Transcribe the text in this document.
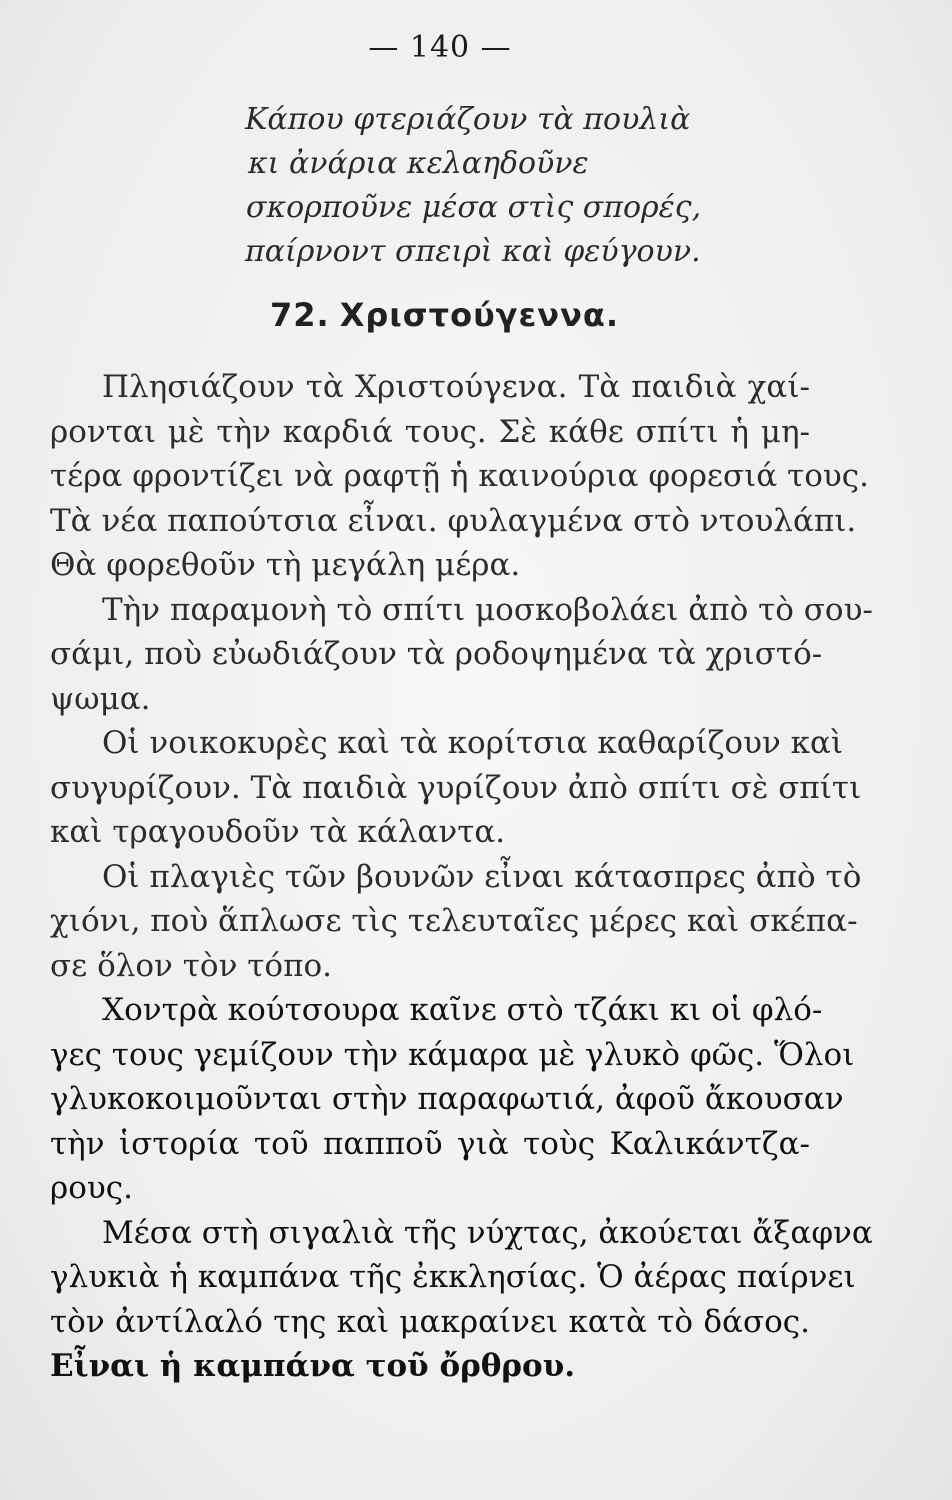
— 140 —
Κάπου φτεριάζουν τὰ πουλιὰ
κι ἀνάρια κελαηδοῦνε
σκορποῦνε μέσα στὶς σπορές,
παίρνοντ σπειρὶ καὶ φεύγουν.
72. Χριστούγεννα.
Πλησιάζουν τὰ Χριστούγενα. Τὰ παιδιὰ χαί-
ρονται μὲ τὴν καρδιά τους. Σὲ κάθε σπίτι ἡ μη-
τέρα φροντίζει νὰ ραφτῇ ἡ καινούρια φορεσιά τους.
Τὰ νέα παπούτσια εἶναι. φυλαγμένα στὸ ντουλάπι.
Θὰ φορεθοῦν τὴ μεγάλη μέρα.
Τὴν παραμονὴ τὸ σπίτι μοσκοβολάει ἀπὸ τὸ σου-
σάμι, ποὺ εὐωδιάζουν τὰ ροδοψημένα τὰ χριστό-
ψωμα.
Οἱ νοικοκυρὲς καὶ τὰ κορίτσια καθαρίζουν καὶ
συγυρίζουν. Τὰ παιδιὰ γυρίζουν ἀπὸ σπίτι σὲ σπίτι
καὶ τραγουδοῦν τὰ κάλαντα.
Οἱ πλαγιὲς τῶν βουνῶν εἶναι κάτασπρες ἀπὸ τὸ
χιόνι, ποὺ ἅπλωσε τὶς τελευταῖες μέρες καὶ σκέπα-
σε ὅλον τὸν τόπο.
Χοντρὰ κούτσουρα καῖνε στὸ τζάκι κι οἱ φλό-
γες τους γεμίζουν τὴν κάμαρα μὲ γλυκὸ φῶς. Ὅλοι
γλυκοκοιμοῦνται στὴν παραφωτιά, ἀφοῦ ἄκουσαν
τὴν ἱστορία τοῦ παπποῦ γιὰ τοὺς Καλικάντζα-
ρους.
Μέσα στὴ σιγαλιὰ τῆς νύχτας, ἀκούεται ἄξαφνα
γλυκιὰ ἡ καμπάνα τῆς ἐκκλησίας. Ὁ ἀέρας παίρνει
τὸν ἀντίλαλό της καὶ μακραίνει κατὰ τὸ δάσος.
Εἶναι ἡ καμπάνα τοῦ ὄρθρου.
